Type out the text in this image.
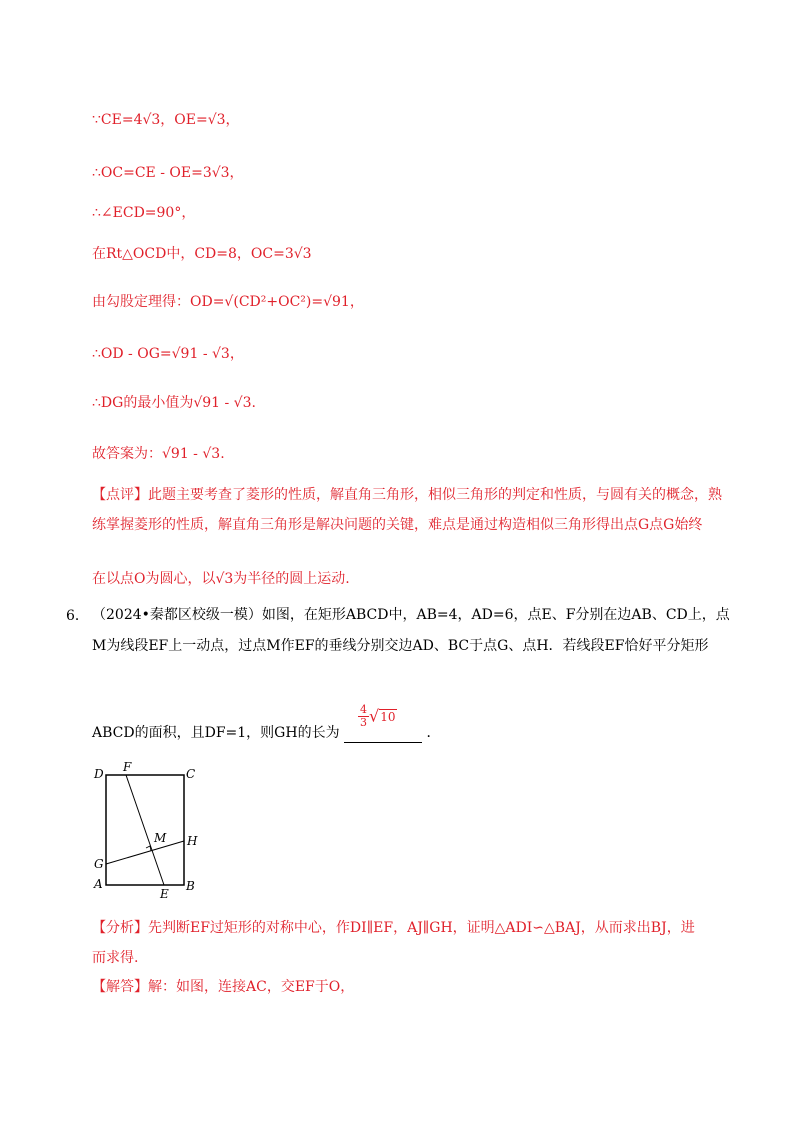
∵CE=4√3，OE=√3，
∴OC=CE - OE=3√3，
∴∠ECD=90°，
在Rt△OCD中，CD=8，OC=3√3
由勾股定理得：OD=√(CD²+OC²)=√91，
∴OD - OG=√91 - √3，
∴DG的最小值为√91 - √3.
故答案为：√91 - √3.
【点评】此题主要考查了菱形的性质，解直角三角形，相似三角形的判定和性质，与圆有关的概念，熟
练掌握菱形的性质，解直角三角形是解决问题的关键，难点是通过构造相似三角形得出点G点G始终
在以点O为圆心，以√3为半径的圆上运动.
6． （2024•秦都区校级一模）如图，在矩形ABCD中，AB=4，AD=6，点E、F分别在边AB、CD上，点
M为线段EF上一动点，过点M作EF的垂线分别交边AD、BC于点G、点H．若线段EF恰好平分矩形
ABCD的面积，且DF=1，则GH的长为
$\frac{4}{3} √10$
．
D F	C
M H
G
A
E
B
【分析】先判断EF过矩形的对称中心，作DI∥EF，AJ∥GH，证明△ADI∽△BAJ，从而求出BJ，进
而求得.
【解答】解：如图，连接AC，交EF于O，
